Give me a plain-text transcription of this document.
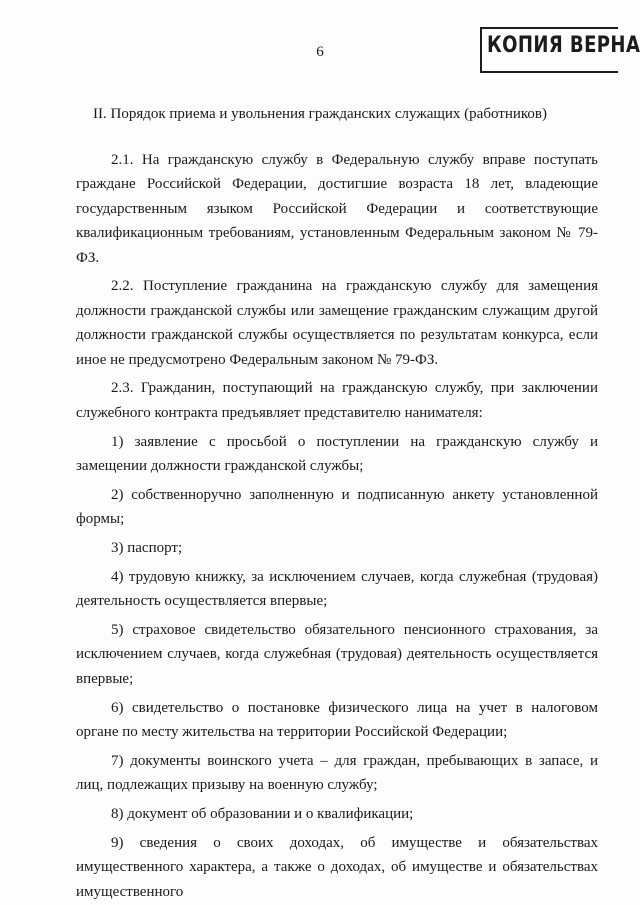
6	КОПИЯ ВЕРНА
II. Порядок приема и увольнения гражданских служащих (работников)

2.1. На гражданскую службу в Федеральную службу вправе поступать граждане Российской Федерации, достигшие возраста 18 лет, владеющие государственным языком Российской Федерации и соответствующие квалификационным требованиям, установленным Федеральным законом № 79-ФЗ.

2.2. Поступление гражданина на гражданскую службу для замещения должности гражданской службы или замещение гражданским служащим другой должности гражданской службы осуществляется по результатам конкурса, если иное не предусмотрено Федеральным законом № 79-ФЗ.

2.3. Гражданин, поступающий на гражданскую службу, при заключении служебного контракта предъявляет представителю нанимателя:

1) заявление с просьбой о поступлении на гражданскую службу и замещении должности гражданской службы;

2) собственноручно заполненную и подписанную анкету установленной формы;

3) паспорт;

4) трудовую книжку, за исключением случаев, когда служебная (трудовая) деятельность осуществляется впервые;

5) страховое свидетельство обязательного пенсионного страхования, за исключением случаев, когда служебная (трудовая) деятельность осуществляется впервые;

6) свидетельство о постановке физического лица на учет в налоговом органе по месту жительства на территории Российской Федерации;

7) документы воинского учета – для граждан, пребывающих в запасе, и лиц, подлежащих призыву на военную службу;

8) документ об образовании и о квалификации;

9) сведения о своих доходах, об имуществе и обязательствах имущественного характера, а также о доходах, об имуществе и обязательствах имущественного
